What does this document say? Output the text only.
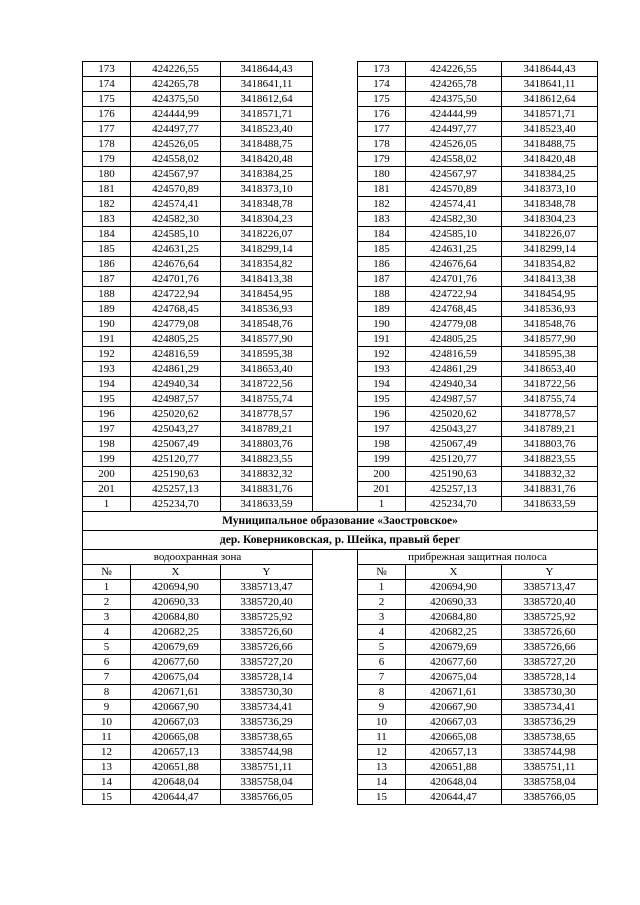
173	424226,55	3418644,43		173	424226,55	3418644,43
174	424265,78	3418641,11		174	424265,78	3418641,11
175	424375,50	3418612,64		175	424375,50	3418612,64
176	424444,99	3418571,71		176	424444,99	3418571,71
177	424497,77	3418523,40		177	424497,77	3418523,40
178	424526,05	3418488,75		178	424526,05	3418488,75
179	424558,02	3418420,48		179	424558,02	3418420,48
180	424567,97	3418384,25		180	424567,97	3418384,25
181	424570,89	3418373,10		181	424570,89	3418373,10
182	424574,41	3418348,78		182	424574,41	3418348,78
183	424582,30	3418304,23		183	424582,30	3418304,23
184	424585,10	3418226,07		184	424585,10	3418226,07
185	424631,25	3418299,14		185	424631,25	3418299,14
186	424676,64	3418354,82		186	424676,64	3418354,82
187	424701,76	3418413,38		187	424701,76	3418413,38
188	424722,94	3418454,95		188	424722,94	3418454,95
189	424768,45	3418536,93		189	424768,45	3418536,93
190	424779,08	3418548,76		190	424779,08	3418548,76
191	424805,25	3418577,90		191	424805,25	3418577,90
192	424816,59	3418595,38		192	424816,59	3418595,38
193	424861,29	3418653,40		193	424861,29	3418653,40
194	424940,34	3418722,56		194	424940,34	3418722,56
195	424987,57	3418755,74		195	424987,57	3418755,74
196	425020,62	3418778,57		196	425020,62	3418778,57
197	425043,27	3418789,21		197	425043,27	3418789,21
198	425067,49	3418803,76		198	425067,49	3418803,76
199	425120,77	3418823,55		199	425120,77	3418823,55
200	425190,63	3418832,32		200	425190,63	3418832,32
201	425257,13	3418831,76		201	425257,13	3418831,76
1	425234,70	3418633,59		1	425234,70	3418633,59
Муниципальное образование «Заостровское»						
дер. Коверниковская, р. Шейка, правый берег						
водоохранная зона				прибрежная защитная полоса		
№	X	Y		№	X	Y
1	420694,90	3385713,47		1	420694,90	3385713,47
2	420690,33	3385720,40		2	420690,33	3385720,40
3	420684,80	3385725,92		3	420684,80	3385725,92
4	420682,25	3385726,60		4	420682,25	3385726,60
5	420679,69	3385726,66		5	420679,69	3385726,66
6	420677,60	3385727,20		6	420677,60	3385727,20
7	420675,04	3385728,14		7	420675,04	3385728,14
8	420671,61	3385730,30		8	420671,61	3385730,30
9	420667,90	3385734,41		9	420667,90	3385734,41
10	420667,03	3385736,29		10	420667,03	3385736,29
11	420665,08	3385738,65		11	420665,08	3385738,65
12	420657,13	3385744,98		12	420657,13	3385744,98
13	420651,88	3385751,11		13	420651,88	3385751,11
14	420648,04	3385758,04		14	420648,04	3385758,04
15	420644,47	3385766,05		15	420644,47	3385766,05
